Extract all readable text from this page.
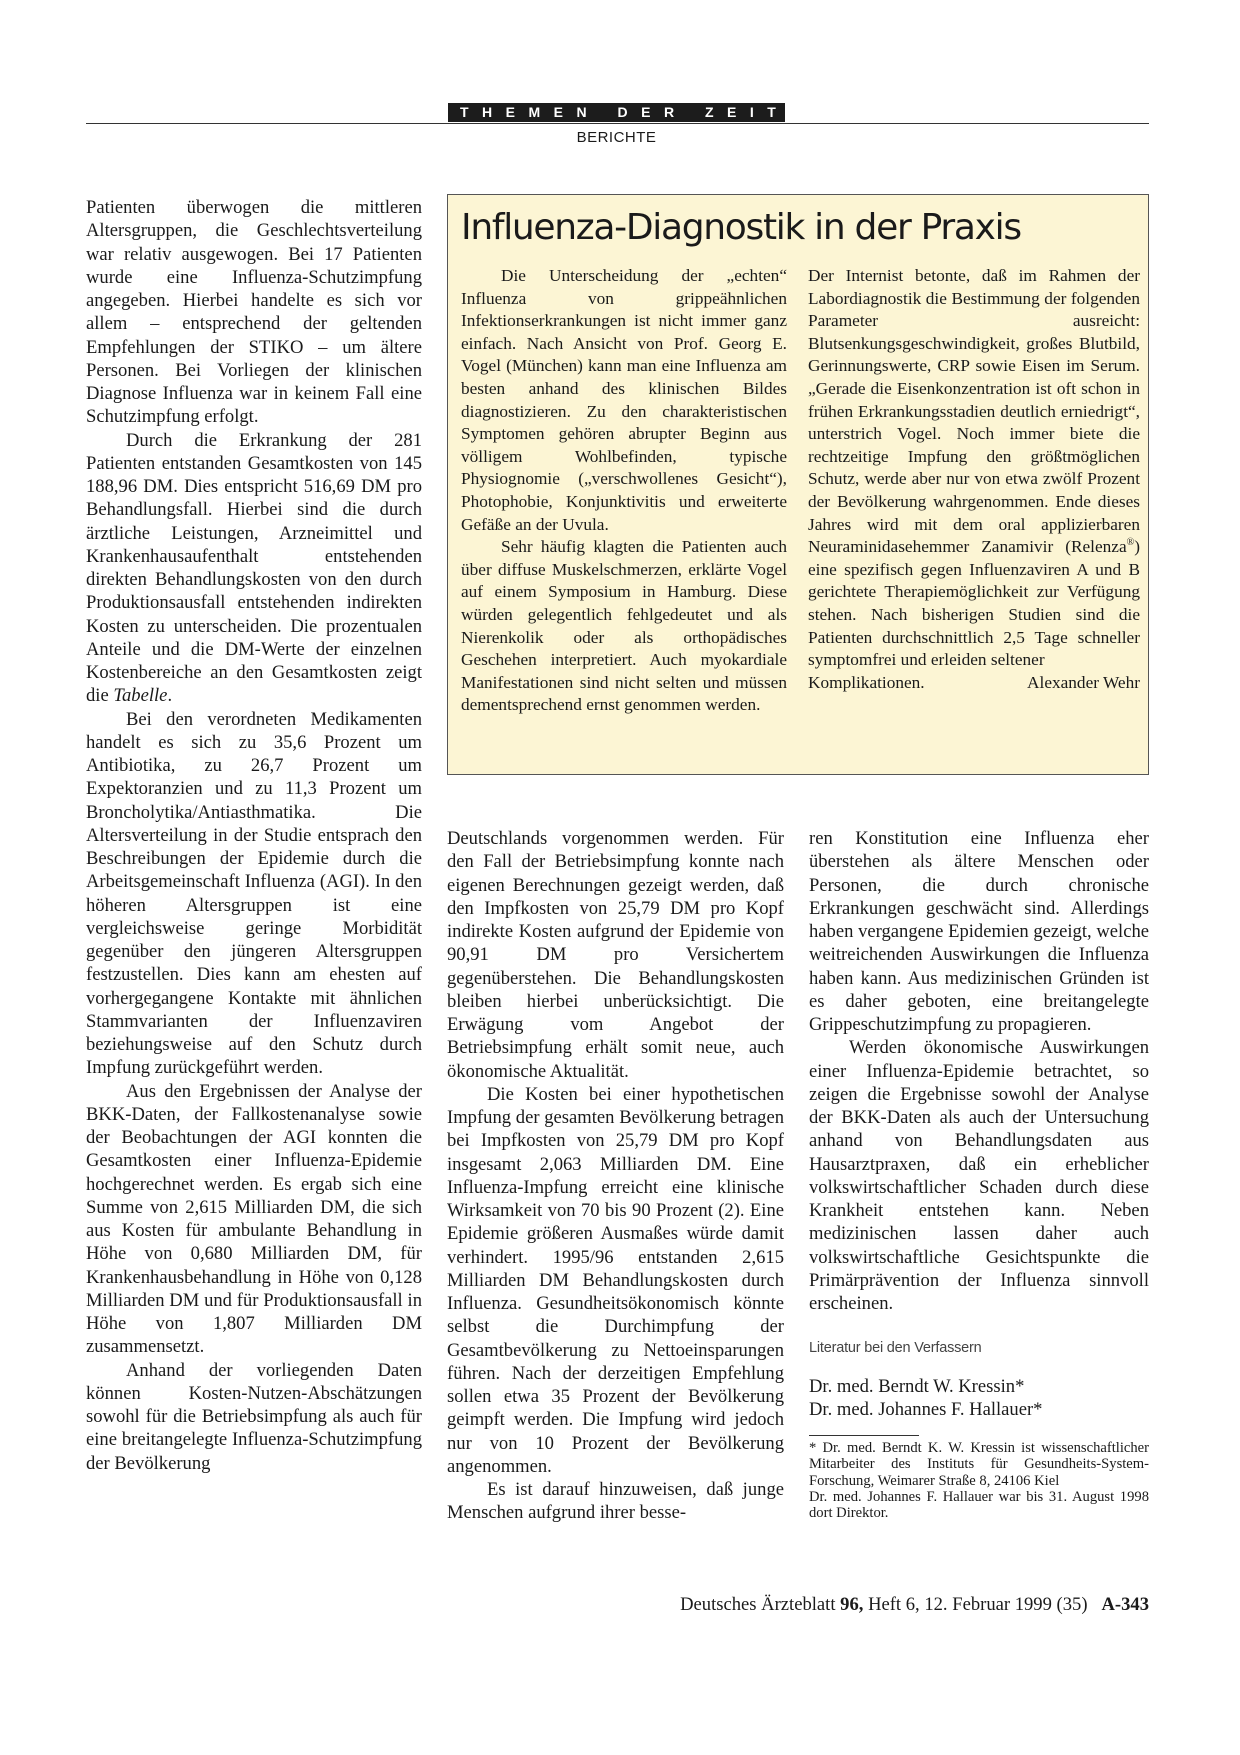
THEMEN DER ZEIT
BERICHTE

Patienten überwogen die mittleren Altersgruppen, die Geschlechtsverteilung war relativ ausgewogen. Bei 17 Patienten wurde eine Influenza-Schutzimpfung angegeben. Hierbei handelte es sich vor allem – entsprechend der geltenden Empfehlungen der STIKO – um ältere Personen. Bei Vorliegen der klinischen Diagnose Influenza war in keinem Fall eine Schutzimpfung erfolgt.

Durch die Erkrankung der 281 Patienten entstanden Gesamtkosten von 145 188,96 DM. Dies entspricht 516,69 DM pro Behandlungsfall. Hierbei sind die durch ärztliche Leistungen, Arzneimittel und Krankenhausaufenthalt entstehenden direkten Behandlungskosten von den durch Produktionsausfall entstehenden indirekten Kosten zu unterscheiden. Die prozentualen Anteile und die DM-Werte der einzelnen Kostenbereiche an den Gesamtkosten zeigt die Tabelle.

Bei den verordneten Medikamenten handelt es sich zu 35,6 Prozent um Antibiotika, zu 26,7 Prozent um Expektoranzien und zu 11,3 Prozent um Broncholytika/Antiasthmatika. Die Altersverteilung in der Studie entsprach den Beschreibungen der Epidemie durch die Arbeitsgemeinschaft Influenza (AGI). In den höheren Altersgruppen ist eine vergleichsweise geringe Morbidität gegenüber den jüngeren Altersgruppen festzustellen. Dies kann am ehesten auf vorhergegangene Kontakte mit ähnlichen Stammvarianten der Influenzaviren beziehungsweise auf den Schutz durch Impfung zurückgeführt werden.

Aus den Ergebnissen der Analyse der BKK-Daten, der Fallkostenanalyse sowie der Beobachtungen der AGI konnten die Gesamtkosten einer Influenza-Epidemie hochgerechnet werden. Es ergab sich eine Summe von 2,615 Milliarden DM, die sich aus Kosten für ambulante Behandlung in Höhe von 0,680 Milliarden DM, für Krankenhausbehandlung in Höhe von 0,128 Milliarden DM und für Produktionsausfall in Höhe von 1,807 Milliarden DM zusammensetzt.

Anhand der vorliegenden Daten können Kosten-Nutzen-Abschätzungen sowohl für die Betriebsimpfung als auch für eine breitangelegte Influenza-Schutzimpfung der Bevölkerung

Influenza-Diagnostik in der Praxis

Die Unterscheidung der „echten“ Influenza von grippeähnlichen Infektionserkrankungen ist nicht immer ganz einfach. Nach Ansicht von Prof. Georg E. Vogel (München) kann man eine Influenza am besten anhand des klinischen Bildes diagnostizieren. Zu den charakteristischen Symptomen gehören abrupter Beginn aus völligem Wohlbefinden, typische Physiognomie („verschwollenes Gesicht“), Photophobie, Konjunktivitis und erweiterte Gefäße an der Uvula.

Sehr häufig klagten die Patienten auch über diffuse Muskelschmerzen, erklärte Vogel auf einem Symposium in Hamburg. Diese würden gelegentlich fehlgedeutet und als Nierenkolik oder als orthopädisches Geschehen interpretiert. Auch myokardiale Manifestationen sind nicht selten und müssen dementsprechend ernst genommen werden.

Der Internist betonte, daß im Rahmen der Labordiagnostik die Bestimmung der folgenden Parameter ausreicht: Blutsenkungsgeschwindigkeit, großes Blutbild, Gerinnungswerte, CRP sowie Eisen im Serum. „Gerade die Eisenkonzentration ist oft schon in frühen Erkrankungsstadien deutlich erniedrigt“, unterstrich Vogel. Noch immer biete die rechtzeitige Impfung den größtmöglichen Schutz, werde aber nur von etwa zwölf Prozent der Bevölkerung wahrgenommen. Ende dieses Jahres wird mit dem oral applizierbaren Neuraminidasehemmer Zanamivir (Relenza®) eine spezifisch gegen Influenzaviren A und B gerichtete Therapiemöglichkeit zur Verfügung stehen. Nach bisherigen Studien sind die Patienten durchschnittlich 2,5 Tage schneller symptomfrei und erleiden seltener

Komplikationen.	Alexander Wehr

Deutschlands vorgenommen werden. Für den Fall der Betriebsimpfung konnte nach eigenen Berechnungen gezeigt werden, daß den Impfkosten von 25,79 DM pro Kopf indirekte Kosten aufgrund der Epidemie von 90,91 DM pro Versichertem gegenüberstehen. Die Behandlungskosten bleiben hierbei unberücksichtigt. Die Erwägung vom Angebot der Betriebsimpfung erhält somit neue, auch ökonomische Aktualität.

Die Kosten bei einer hypothetischen Impfung der gesamten Bevölkerung betragen bei Impfkosten von 25,79 DM pro Kopf insgesamt 2,063 Milliarden DM. Eine Influenza-Impfung erreicht eine klinische Wirksamkeit von 70 bis 90 Prozent (2). Eine Epidemie größeren Ausmaßes würde damit verhindert. 1995/96 entstanden 2,615 Milliarden DM Behandlungskosten durch Influenza. Gesundheitsökonomisch könnte selbst die Durchimpfung der Gesamtbevölkerung zu Nettoeinsparungen führen. Nach der derzeitigen Empfehlung sollen etwa 35 Prozent der Bevölkerung geimpft werden. Die Impfung wird jedoch nur von 10 Prozent der Bevölkerung angenommen.

Es ist darauf hinzuweisen, daß junge Menschen aufgrund ihrer besse-

ren Konstitution eine Influenza eher überstehen als ältere Menschen oder Personen, die durch chronische Erkrankungen geschwächt sind. Allerdings haben vergangene Epidemien gezeigt, welche weitreichenden Auswirkungen die Influenza haben kann. Aus medizinischen Gründen ist es daher geboten, eine breitangelegte Grippeschutzimpfung zu propagieren.

Werden ökonomische Auswirkungen einer Influenza-Epidemie betrachtet, so zeigen die Ergebnisse sowohl der Analyse der BKK-Daten als auch der Untersuchung anhand von Behandlungsdaten aus Hausarztpraxen, daß ein erheblicher volkswirtschaftlicher Schaden durch diese Krankheit entstehen kann. Neben medizinischen lassen daher auch volkswirtschaftliche Gesichtspunkte die Primärprävention der Influenza sinnvoll erscheinen.

Literatur bei den Verfassern

Dr. med. Berndt W. Kressin*

Dr. med. Johannes F. Hallauer*

* Dr. med. Berndt K. W. Kressin ist wissenschaftlicher Mitarbeiter des Instituts für Gesundheits-System-Forschung, Weimarer Straße 8, 24106 Kiel
Dr. med. Johannes F. Hallauer war bis 31. August 1998 dort Direktor.
Deutsches Ärzteblatt 96, Heft 6, 12. Februar 1999 (35) A-343
